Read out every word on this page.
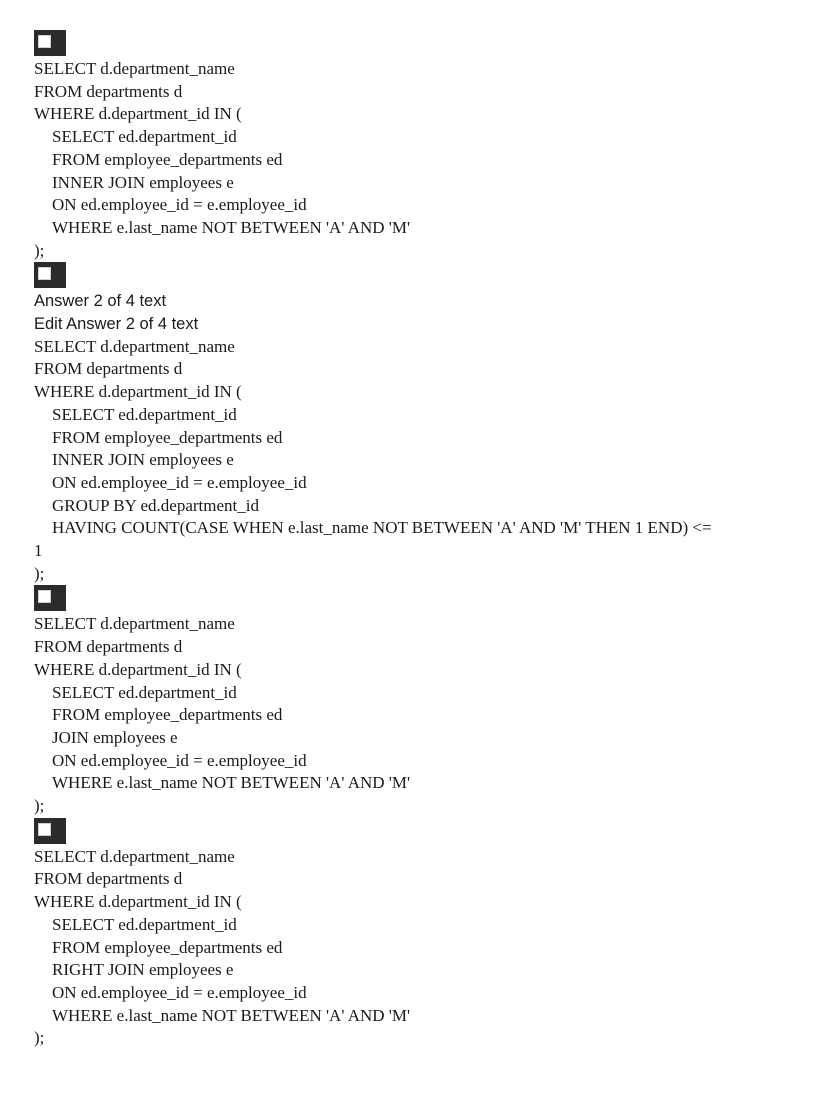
SELECT d.department_name
FROM departments d
WHERE d.department_id IN (
SELECT ed.department_id
FROM employee_departments ed
INNER JOIN employees e
ON ed.employee_id = e.employee_id
WHERE e.last_name NOT BETWEEN 'A' AND 'M'
);
Answer 2 of 4 text
Edit Answer 2 of 4 text
SELECT d.department_name
FROM departments d
WHERE d.department_id IN (
SELECT ed.department_id
FROM employee_departments ed
INNER JOIN employees e
ON ed.employee_id = e.employee_id
GROUP BY ed.department_id
HAVING COUNT(CASE WHEN e.last_name NOT BETWEEN 'A' AND 'M' THEN 1 END) <=
1
);
SELECT d.department_name
FROM departments d
WHERE d.department_id IN (
SELECT ed.department_id
FROM employee_departments ed
JOIN employees e
ON ed.employee_id = e.employee_id
WHERE e.last_name NOT BETWEEN 'A' AND 'M'
);
SELECT d.department_name
FROM departments d
WHERE d.department_id IN (
SELECT ed.department_id
FROM employee_departments ed
RIGHT JOIN employees e
ON ed.employee_id = e.employee_id
WHERE e.last_name NOT BETWEEN 'A' AND 'M'
);
